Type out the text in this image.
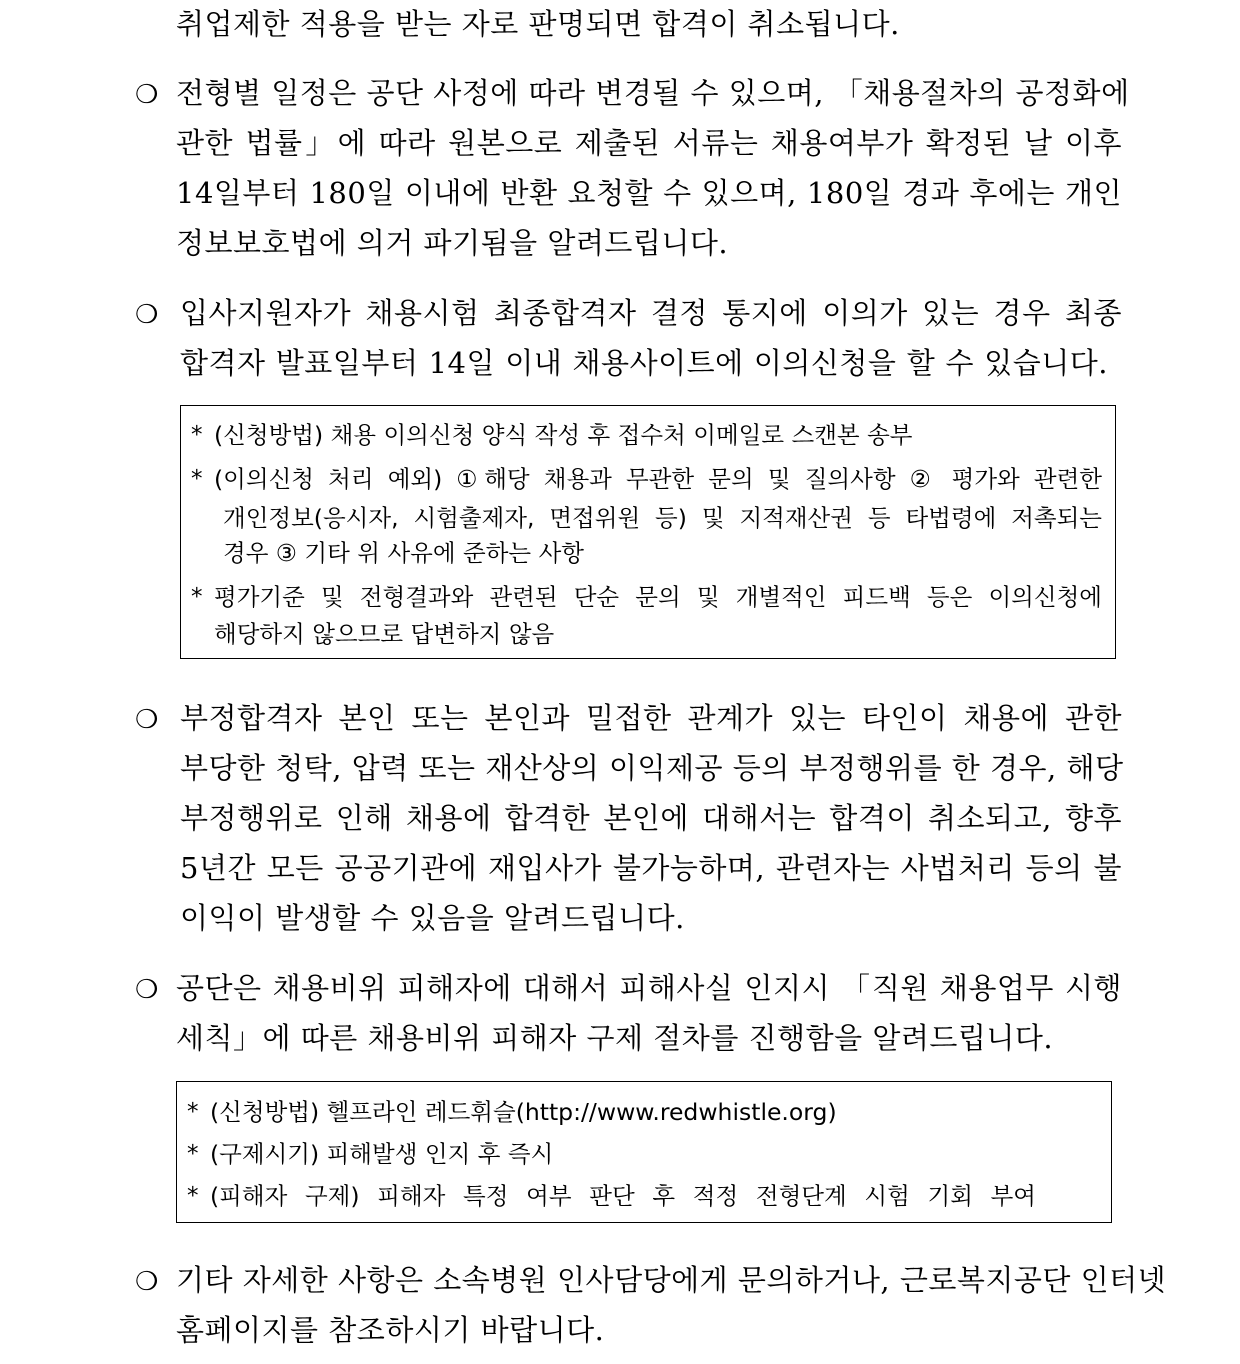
취업제한 적용을 받는 자로 판명되면 합격이 취소됩니다.
❍ 전형별 일정은 공단 사정에 따라 변경될 수 있으며, 「채용절차의 공정화에
관한 법률」에 따라 원본으로 제출된 서류는 채용여부가 확정된 날 이후
14일부터 180일 이내에 반환 요청할 수 있으며, 180일 경과 후에는 개인
정보보호법에 의거 파기됨을 알려드립니다.
❍ 입사지원자가 채용시험 최종합격자 결정 통지에 이의가 있는 경우 최종
합격자 발표일부터 14일 이내 채용사이트에 이의신청을 할 수 있습니다.
* (신청방법) 채용 이의신청 양식 작성 후 접수처 이메일로 스캔본 송부
* (이의신청 처리 예외) ①해당 채용과 무관한 문의 및 질의사항 ② 평가와 관련한
개인정보(응시자, 시험출제자, 면접위원 등) 및 지적재산권 등 타법령에 저촉되는
경우 ③ 기타 위 사유에 준하는 사항
* 평가기준 및 전형결과와 관련된 단순 문의 및 개별적인 피드백 등은 이의신청에
해당하지 않으므로 답변하지 않음
❍ 부정합격자 본인 또는 본인과 밀접한 관계가 있는 타인이 채용에 관한
부당한 청탁, 압력 또는 재산상의 이익제공 등의 부정행위를 한 경우, 해당
부정행위로 인해 채용에 합격한 본인에 대해서는 합격이 취소되고, 향후
5년간 모든 공공기관에 재입사가 불가능하며, 관련자는 사법처리 등의 불
이익이 발생할 수 있음을 알려드립니다.
❍ 공단은 채용비위 피해자에 대해서 피해사실 인지시 「직원 채용업무 시행
세칙」에 따른 채용비위 피해자 구제 절차를 진행함을 알려드립니다.
* (신청방법) 헬프라인 레드휘슬(http://www.redwhistle.org)
* (구제시기) 피해발생 인지 후 즉시
* (피해자 구제) 피해자 특정 여부 판단 후 적정 전형단계 시험 기회 부여
❍ 기타 자세한 사항은 소속병원 인사담당에게 문의하거나, 근로복지공단 인터넷
홈페이지를 참조하시기 바랍니다.
